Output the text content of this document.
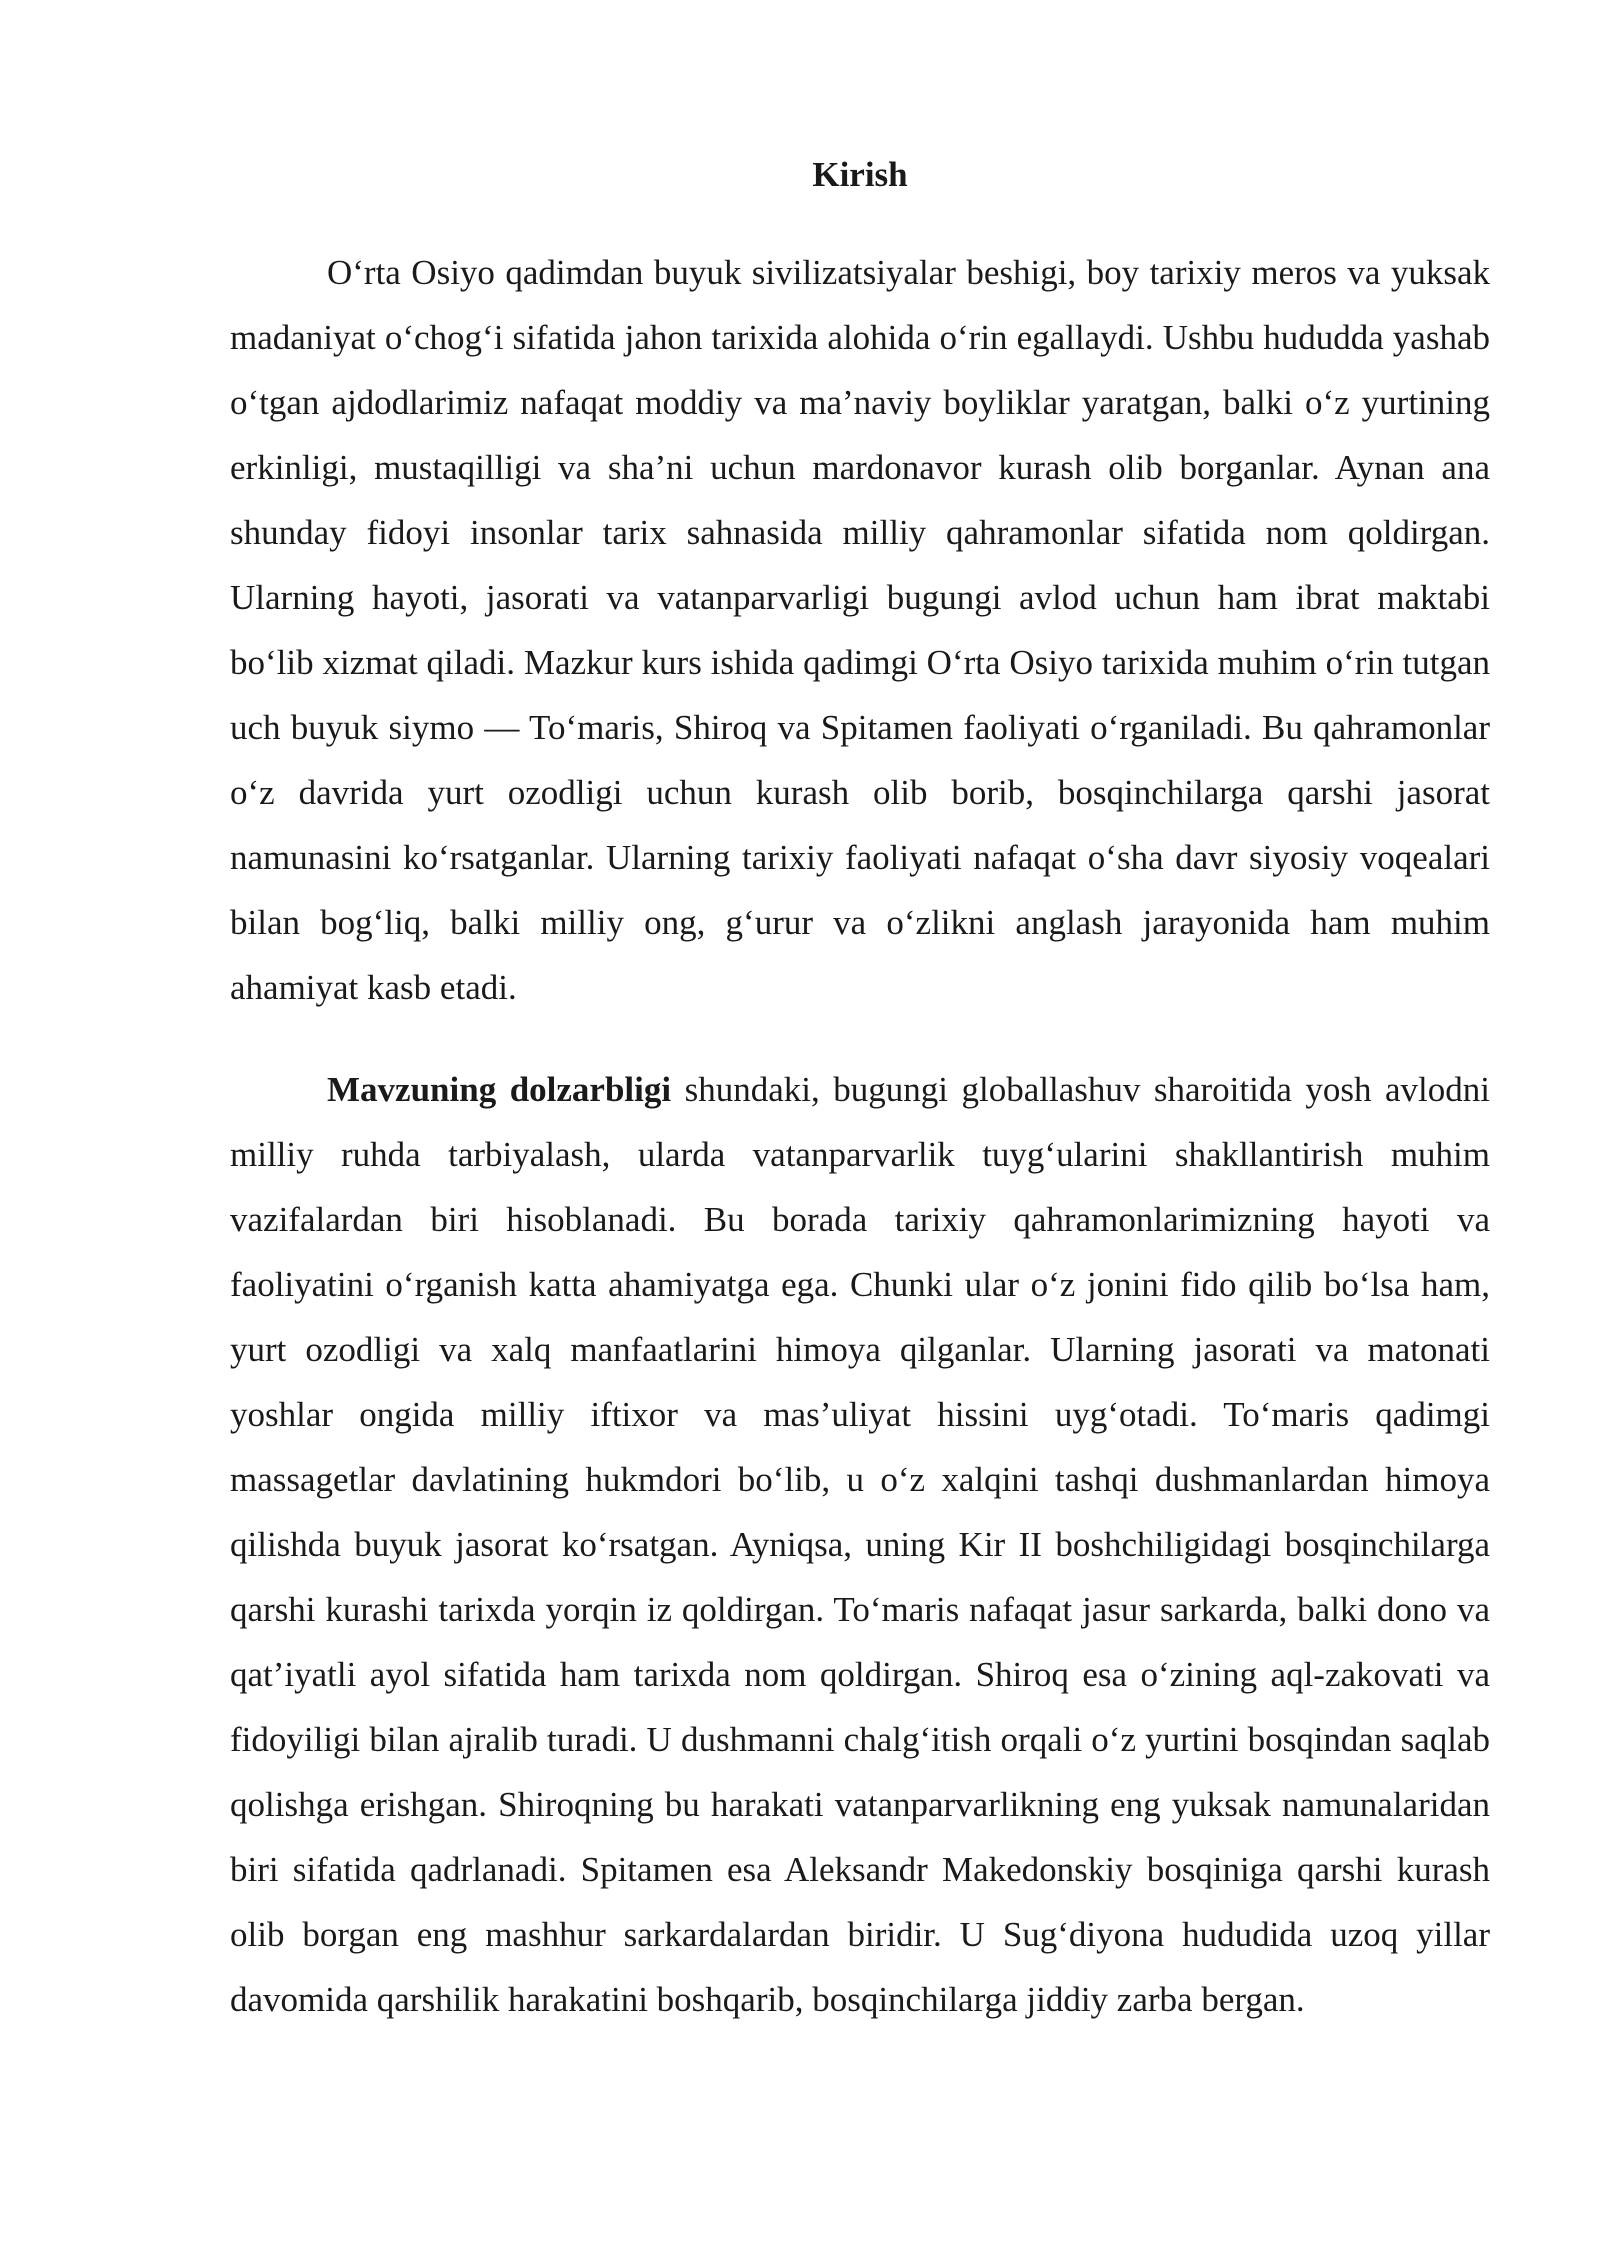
Kirish

O‘rta Osiyo qadimdan buyuk sivilizatsiyalar beshigi, boy tarixiy meros va yuksak madaniyat o‘chog‘i sifatida jahon tarixida alohida o‘rin egallaydi. Ushbu hududda yashab o‘tgan ajdodlarimiz nafaqat moddiy va ma’naviy boyliklar yaratgan, balki o‘z yurtining erkinligi, mustaqilligi va sha’ni uchun mardonavor kurash olib borganlar. Aynan ana shunday fidoyi insonlar tarix sahnasida milliy qahramonlar sifatida nom qoldirgan. Ularning hayoti, jasorati va vatanparvarligi bugungi avlod uchun ham ibrat maktabi bo‘lib xizmat qiladi. Mazkur kurs ishida qadimgi O‘rta Osiyo tarixida muhim o‘rin tutgan uch buyuk siymo — To‘maris, Shiroq va Spitamen faoliyati o‘rganiladi. Bu qahramonlar o‘z davrida yurt ozodligi uchun kurash olib borib, bosqinchilarga qarshi jasorat namunasini ko‘rsatganlar. Ularning tarixiy faoliyati nafaqat o‘sha davr siyosiy voqealari bilan bog‘liq, balki milliy ong, g‘urur va o‘zlikni anglash jarayonida ham muhim ahamiyat kasb etadi.

Mavzuning dolzarbligi shundaki, bugungi globallashuv sharoitida yosh avlodni milliy ruhda tarbiyalash, ularda vatanparvarlik tuyg‘ularini shakllantirish muhim vazifalardan biri hisoblanadi. Bu borada tarixiy qahramonlarimizning hayoti va faoliyatini o‘rganish katta ahamiyatga ega. Chunki ular o‘z jonini fido qilib bo‘lsa ham, yurt ozodligi va xalq manfaatlarini himoya qilganlar. Ularning jasorati va matonati yoshlar ongida milliy iftixor va mas’uliyat hissini uyg‘otadi. To‘maris qadimgi massagetlar davlatining hukmdori bo‘lib, u o‘z xalqini tashqi dushmanlardan himoya qilishda buyuk jasorat ko‘rsatgan. Ayniqsa, uning Kir II boshchiligidagi bosqinchilarga qarshi kurashi tarixda yorqin iz qoldirgan. To‘maris nafaqat jasur sarkarda, balki dono va qat’iyatli ayol sifatida ham tarixda nom qoldirgan. Shiroq esa o‘zining aql-zakovati va fidoyiligi bilan ajralib turadi. U dushmanni chalg‘itish orqali o‘z yurtini bosqindan saqlab qolishga erishgan. Shiroqning bu harakati vatanparvarlikning eng yuksak namunalaridan biri sifatida qadrlanadi. Spitamen esa Aleksandr Makedonskiy bosqiniga qarshi kurash olib borgan eng mashhur sarkardalardan biridir. U Sug‘diyona hududida uzoq yillar davomida qarshilik harakatini boshqarib, bosqinchilarga jiddiy zarba bergan.
